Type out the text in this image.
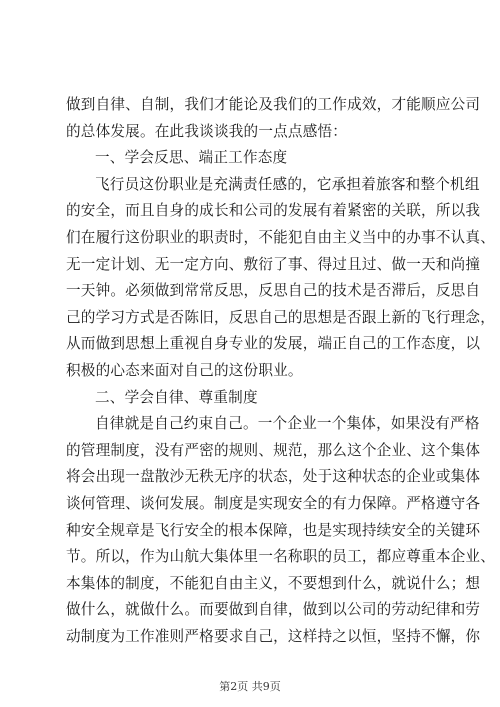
做到自律、自制，我们才能论及我们的工作成效，才能顺应公司
的总体发展。在此我谈谈我的一点点感悟：
一、学会反思、端正工作态度
飞行员这份职业是充满责任感的，它承担着旅客和整个机组
的安全，而且自身的成长和公司的发展有着紧密的关联，所以我
们在履行这份职业的职责时，不能犯自由主义当中的办事不认真、
无一定计划、无一定方向、敷衍了事、得过且过、做一天和尚撞
一天钟。必须做到常常反思，反思自己的技术是否滞后，反思自
己的学习方式是否陈旧，反思自己的思想是否跟上新的飞行理念，
从而做到思想上重视自身专业的发展，端正自己的工作态度，以
积极的心态来面对自己的这份职业。
二、学会自律、尊重制度
自律就是自己约束自己。一个企业一个集体，如果没有严格
的管理制度，没有严密的规则、规范，那么这个企业、这个集体
将会出现一盘散沙无秩无序的状态，处于这种状态的企业或集体
谈何管理、谈何发展。制度是实现安全的有力保障。严格遵守各
种安全规章是飞行安全的根本保障，也是实现持续安全的关键环
节。所以，作为山航大集体里一名称职的员工，都应尊重本企业、
本集体的制度，不能犯自由主义，不要想到什么，就说什么；想
做什么，就做什么。而要做到自律，做到以公司的劳动纪律和劳
动制度为工作准则严格要求自己，这样持之以恒，坚持不懈，你
第2页 共9页
